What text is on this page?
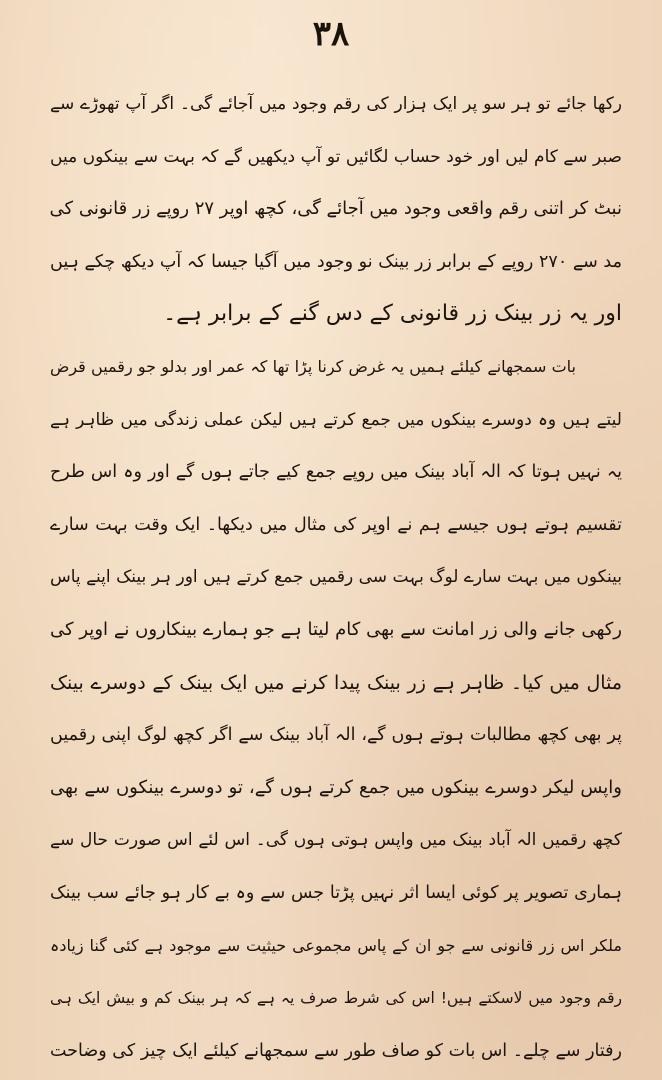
۳۸
رکھا جائے تو ہر سو پر ایک ہزار کی رقم وجود میں آجائے گی۔ اگر آپ تھوڑے سے
صبر سے کام لیں اور خود حساب لگائیں تو آپ دیکھیں گے کہ بہت سے بینکوں میں
نبٹ کر اتنی رقم واقعی وجود میں آجائے گی، کچھ اوپر ۲۷ روپے زر قانونی کی
مد سے ۲۷۰ روپے کے برابر زر بینک نو وجود میں آگیا جیسا کہ آپ دیکھ چکے ہیں
اور یہ زر بینک زر قانونی کے دس گنے کے برابر ہے۔
بات سمجھانے کیلئے ہمیں یہ غرض کرنا پڑا تھا کہ عمر اور بدلو جو رقمیں قرض
لیتے ہیں وہ دوسرے بینکوں میں جمع کرتے ہیں لیکن عملی زندگی میں ظاہر ہے
یہ نہیں ہوتا کہ الہ آباد بینک میں روپے جمع کیے جاتے ہوں گے اور وہ اس طرح
تقسیم ہوتے ہوں جیسے ہم نے اوپر کی مثال میں دیکھا۔ ایک وقت بہت سارے
بینکوں میں بہت سارے لوگ بہت سی رقمیں جمع کرتے ہیں اور ہر بینک اپنے پاس
رکھی جانے والی زر امانت سے بھی کام لیتا ہے جو ہمارے بینکاروں نے اوپر کی
مثال میں کیا۔ ظاہر ہے زر بینک پیدا کرنے میں ایک بینک کے دوسرے بینک
پر بھی کچھ مطالبات ہوتے ہوں گے، الہ آباد بینک سے اگر کچھ لوگ اپنی رقمیں
واپس لیکر دوسرے بینکوں میں جمع کرتے ہوں گے، تو دوسرے بینکوں سے بھی
کچھ رقمیں الہ آباد بینک میں واپس ہوتی ہوں گی۔ اس لئے اس صورت حال سے
ہماری تصویر پر کوئی ایسا اثر نہیں پڑتا جس سے وہ بے کار ہو جائے سب بینک
ملکر اس زر قانونی سے جو ان کے پاس مجموعی حیثیت سے موجود ہے کئی گنا زیادہ
رقم وجود میں لاسکتے ہیں! اس کی شرط صرف یہ ہے کہ ہر بینک کم و بیش ایک ہی
رفتار سے چلے۔ اس بات کو صاف طور سے سمجھانے کیلئے ایک چیز کی وضاحت
